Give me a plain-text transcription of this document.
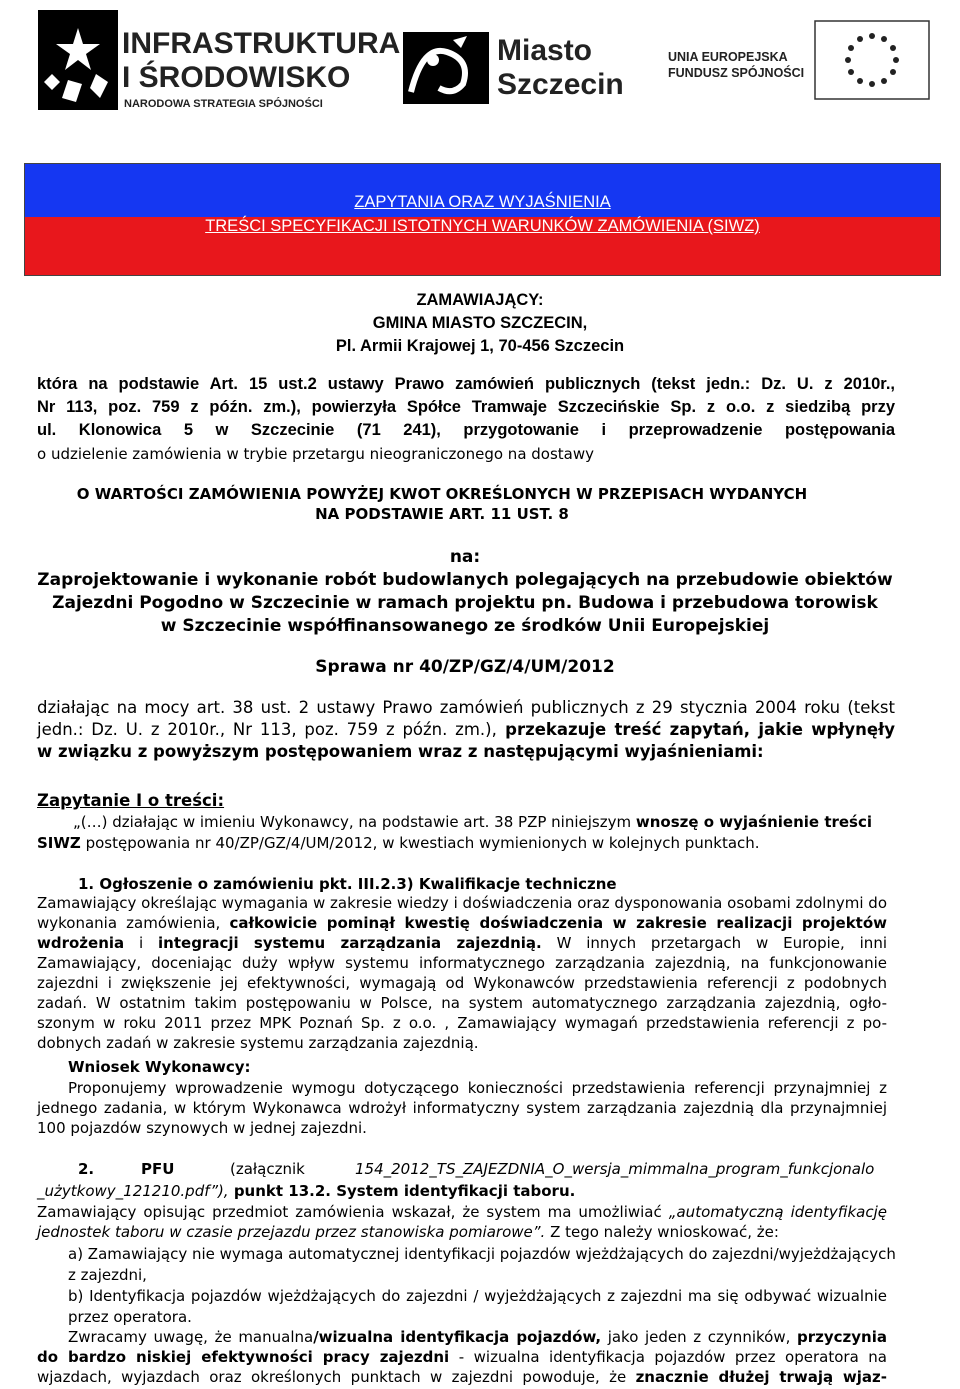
INFRASTRUKTURA
I ŚRODOWISKO
NARODOWA STRATEGIA SPÓJNOŚCI
Miasto
Szczecin
UNIA EUROPEJSKA
FUNDUSZ SPÓJNOŚCI
ZAPYTANIA ORAZ WYJAŚNIENIA
TREŚCI SPECYFIKACJI ISTOTNYCH WARUNKÓW ZAMÓWIENIA (SIWZ)
ZAMAWIAJĄCY:
GMINA MIASTO SZCZECIN,
Pl. Armii Krajowej 1, 70-456 Szczecin
która na podstawie Art. 15 ust.2 ustawy Prawo zamówień publicznych (tekst jedn.: Dz. U. z 2010r.,
Nr 113, poz. 759 z późn. zm.), powierzyła Spółce Tramwaje Szczecińskie Sp. z o.o. z siedzibą przy
ul. Klonowica 5 w Szczecinie (71 241), przygotowanie i przeprowadzenie postępowania
o udzielenie zamówienia w trybie przetargu nieograniczonego na dostawy
O WARTOŚCI ZAMÓWIENIA POWYŻEJ KWOT OKREŚLONYCH W PRZEPISACH WYDANYCH
NA PODSTAWIE ART. 11 UST. 8
na:
Zaprojektowanie i wykonanie robót budowlanych polegających na przebudowie obiektów
Zajezdni Pogodno w Szczecinie w ramach projektu pn. Budowa i przebudowa torowisk
w Szczecinie współfinansowanego ze środków Unii Europejskiej
Sprawa nr 40/ZP/GZ/4/UM/2012
działając na mocy art. 38 ust. 2 ustawy Prawo zamówień publicznych z 29 stycznia 2004 roku (tekst
jedn.: Dz. U. z 2010r., Nr 113, poz. 759 z późn. zm.), przekazuje treść zapytań, jakie wpłynęły
w związku z powyższym postępowaniem wraz z następującymi wyjaśnieniami:
Zapytanie I o treści:
„(…) działając w imieniu Wykonawcy, na podstawie art. 38 PZP niniejszym wnoszę o wyjaśnienie treści
SIWZ postępowania nr 40/ZP/GZ/4/UM/2012, w kwestiach wymienionych w kolejnych punktach.
1. Ogłoszenie o zamówieniu pkt. III.2.3) Kwalifikacje techniczne
Zamawiający określając wymagania w zakresie wiedzy i doświadczenia oraz dysponowania osobami zdolnymi do
wykonania zamówienia, całkowicie pominął kwestię doświadczenia w zakresie realizacji projektów
wdrożenia i integracji systemu zarządzania zajezdnią. W innych przetargach w Europie, inni
Zamawiający, doceniając duży wpływ systemu informatycznego zarządzania zajezdnią, na funkcjonowanie
zajezdni i zwiększenie jej efektywności, wymagają od Wykonawców przedstawienia referencji z podobnych
zadań. W ostatnim takim postępowaniu w Polsce, na system automatycznego zarządzania zajezdnią, ogło-
szonym w roku 2011 przez MPK Poznań Sp. z o.o. , Zamawiający wymagań przedstawienia referencji z po-
dobnych zadań w zakresie systemu zarządzania zajezdnią.
Wniosek Wykonawcy:
Proponujemy wprowadzenie wymogu dotyczącego konieczności przedstawienia referencji przynajmniej z
jednego zadania, w którym Wykonawca wdrożył informatyczny system zarządzania zajezdnią dla przynajmniej
100 pojazdów szynowych w jednej zajezdni.
2.	PFU	(załącznik	154_2012_TS_ZAJEZDNIA_O_wersja_mimmalna_program_funkcjonalo
_użytkowy_121210.pdf”), punkt 13.2. System identyfikacji taboru.
Zamawiający opisując przedmiot zamówienia wskazał, że system ma umożliwiać „automatyczną identyfikację
jednostek taboru w czasie przejazdu przez stanowiska pomiarowe”. Z tego należy wnioskować, że:
a) Zamawiający nie wymaga automatycznej identyfikacji pojazdów wjeżdżających do zajezdni/wyjeżdżających
z zajezdni,
b) Identyfikacja pojazdów wjeżdżających do zajezdni / wyjeżdżających z zajezdni ma się odbywać wizualnie
przez operatora.
Zwracamy uwagę, że manualna/wizualna identyfikacja pojazdów, jako jeden z czynników, przyczynia
do bardzo niskiej efektywności pracy zajezdni - wizualna identyfikacja pojazdów przez operatora na
wjazdach, wyjazdach oraz określonych punktach w zajezdni powoduje, że znacznie dłużej trwają wjaz-
